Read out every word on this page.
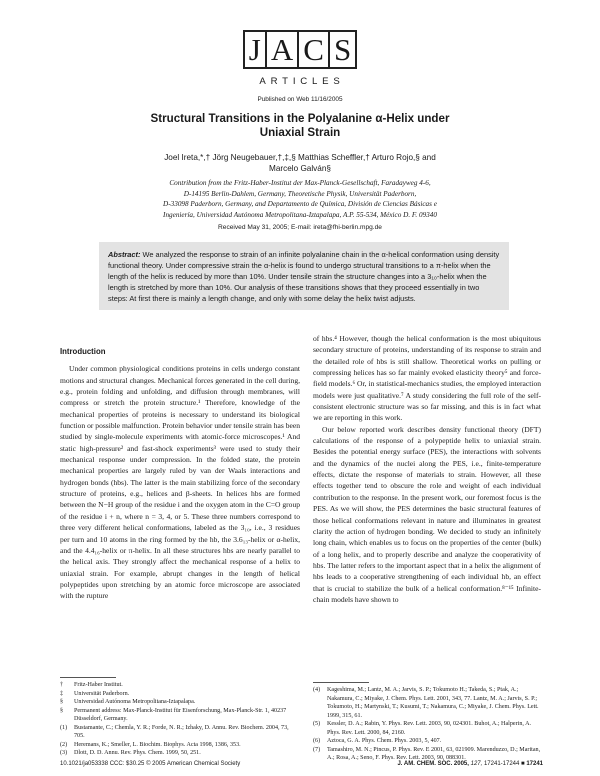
J A C S
ARTICLES
Published on Web 11/16/2005
Structural Transitions in the Polyalanine α-Helix under
Uniaxial Strain
Joel Ireta,*,† Jörg Neugebauer,†,‡,§ Matthias Scheffler,† Arturo Rojo,§ and
Marcelo Galván§
Contribution from the Fritz-Haber-Institut der Max-Planck-Gesellschaft, Faradayweg 4-6,
D-14195 Berlin-Dahlem, Germany, Theoretische Physik, Universität Paderborn,
D-33098 Paderborn, Germany, and Departamento de Química, División de Ciencias Básicas e
Ingeniería, Universidad Autónoma Metropolitana-Iztapalapa, A.P. 55-534, México D. F. 09340
Received May 31, 2005; E-mail: ireta@fhi-berlin.mpg.de
Abstract: We analyzed the response to strain of an infinite polyalanine chain in the α-helical conformation using density functional theory. Under compressive strain the α-helix is found to undergo structural transitions to a π-helix when the length of the helix is reduced by more than 10%. Under tensile strain the structure changes into a 3₁₀-helix when the length is stretched by more than 10%. Our analysis of these transitions shows that they proceed essentially in two steps: At first there is mainly a length change, and only with some delay the helix twist adjusts.

Introduction

Under common physiological conditions proteins in cells undergo constant motions and structural changes. Mechanical forces generated in the cell during, e.g., protein folding and unfolding, and diffusion through membranes, will compress or stretch the protein structure.¹ Therefore, knowledge of the mechanical properties of proteins is necessary to understand its biological function or possible malfunction. Protein behavior under tensile strain has been studied by single-molecule experiments with atomic-force microscopes.¹ And static high-pressure² and fast-shock experiments³ were used to study their mechanical response under compression. In the folded state, the protein mechanical properties are largely ruled by van der Waals interactions and hydrogen bonds (hbs). The latter is the main stabilizing force of the secondary structure of proteins, e.g., helices and β-sheets. In helices hbs are formed between the N−H group of the residue i and the oxygen atom in the C=O group of the residue i + n, where n = 3, 4, or 5. These three numbers correspond to three very different helical conformations, labeled as the 3₁₀, i.e., 3 residues per turn and 10 atoms in the ring formed by the hb, the 3.6₁₃-helix or α-helix, and the 4.4₁₆-helix or π-helix. In all these structures hbs are nearly parallel to the helical axis. They strongly affect the mechanical response of a helix to uniaxial strain. For example, abrupt changes in the length of helical polypeptides upon stretching by an atomic force microscope are associated with the rupture

of hbs.⁴ However, though the helical conformation is the most ubiquitous secondary structure of proteins, understanding of its response to strain and the detailed role of hbs is still shallow. Theoretical works on pulling or compressing helices has so far mainly evoked elasticity theory⁵ and force-field models.⁶ Or, in statistical-mechanics studies, the employed interaction models were just qualitative.⁷ A study considering the full role of the self-consistent electronic structure was so far missing, and this is in fact what we are reporting in this work.

Our below reported work describes density functional theory (DFT) calculations of the response of a polypeptide helix to uniaxial strain. Besides the potential energy surface (PES), the interactions with solvents and the dynamics of the nuclei along the PES, i.e., finite-temperature effects, dictate the response of materials to strain. However, all these effects together tend to obscure the role and weight of each individual contribution to the response. In the present work, our foremost focus is the PES. As we will show, the PES determines the basic structural features of those helical conformations relevant in nature and illuminates in greatest clarity the action of hydrogen bonding. We decided to study an infinitely long chain, which enables us to focus on the properties of the center (bulk) of a long helix, and to properly describe and analyze the cooperativity of hbs. The latter refers to the important aspect that in a helix the alignment of hbs leads to a cooperative strengthening of each individual hb, an effect that is crucial to stabilize the bulk of a helical conformation.⁸⁻¹⁵ Infinite-chain models have shown to

†	Fritz-Haber Institut.
‡	Universität Paderborn.
§	Universidad Autónoma Metropolitana-Iztapalapa.
§	Permanent address: Max-Planck-Institut für Eisenforschung, Max-Planck-Str. 1, 40237 Düsseldorf, Germany.
(1)	Bustamante, C.; Chemla, Y. R.; Forde, N. R.; Izhaky, D. Annu. Rev. Biochem. 2004, 73, 705.
(2)	Heremans, K.; Smeller, L. Biochim. Biophys. Acta 1998, 1386, 353.
(3)	Dlott, D. D. Annu. Rev. Phys. Chem. 1999, 50, 251.
(4)	Kageshima, M.; Lantz, M. A.; Jarvis, S. P.; Tokumoto H.; Takeda, S.; Ptak, A.; Nakamura, C.; Miyake, J. Chem. Phys. Lett. 2001, 343, 77. Lantz, M. A.; Jarvis, S. P.; Tokumoto, H.; Martynski, T.; Kusumi, T.; Nakamura, C.; Miyake, J. Chem. Phys. Lett. 1999, 315, 61.
(5)	Kessler, D. A.; Rabin, Y. Phys. Rev. Lett. 2003, 90, 024301. Buhot, A.; Halperin, A. Phys. Rev. Lett. 2000, 84, 2160.
(6)	Aztoca, G. A. Phys. Chem. Phys. 2003, 5, 407.
(7)	Tamashiro, M. N.; Pincus, P. Phys. Rev. E 2001, 63, 021909. Marenduzzo, D.; Maritan, A.; Rosa, A.; Seno, F. Phys. Rev. Lett. 2003, 90, 088301.
10.1021/ja053338 CCC: $30.25 © 2005 American Chemical Society	J. AM. CHEM. SOC. 2005, 127, 17241-17244 ■ 17241
